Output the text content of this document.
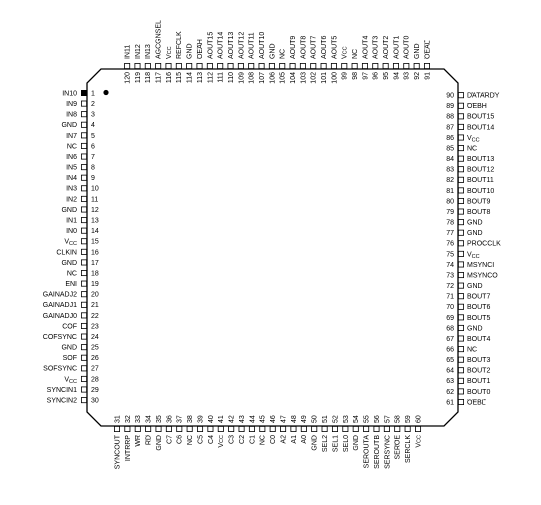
IN10 1
IN9 2
IN8 3
GND 4
IN7 5
NC 6
IN6 7
IN5 8
IN4 9
IN3 10
IN2 11
GND 12
IN1 13
IN0 14
$V_{CC}$ 15
CLKIN 16
GND 17
NC 18
ENI 19
GAINADJ2 20
GAINADJ1 21
GAINADJ0 22
COF 23
COFSYNC 24
GND 25
SOF 26
SOFSYNC 27
$V_{CC}$ 28
SYNCIN1 29
SYNCIN2 30	61 OEBL
62 BOUT0
63 BOUT1
64 BOUT2
65 BOUT3
66 NC
67 BOUT4
68 GND
69 BOUT5
70 BOUT6
71 BOUT7
72 GND
73 MSYNCO
74 MSYNCI
75 $V_{CC}$
76 PROCCLK
77 GND
78 GND
79 BOUT8
80 BOUT9
81 BOUT10
82 BOUT11
83 BOUT12
84 BOUT13
85 NC
86 $V_{CC}$
87 BOUT14
88 BOUT15
89 OEBH
90 DATARDY
31
SYNCOUT
32
INTRRP
33
WR
34
RD
35
GND
36
C7
37
C6
38
NC
39
C5
40
C4
41
VCC
42
C3
43
C2
44
C1
45
NC
46
C0
47
A2
48
A1
49
A0
50
GND
51
SEL2
52
SEL1
53
SEL0
54
GND
55
SEROUTA
56
SEROUTB
57
SERSYNC
58
SEROE
59
SERCLK
60
VCC
91
OEAL
92
GND
93
AOUT0
94
AOUT1
95
AOUT2
96
AOUT3
97
AOUT4
98
NC
99
VCC
100
AOUT5
101
AOUT6
102
AOUT7
103
AOUT8
104
AOUT9
105
NC
106
GND
107
AOUT10
108
AOUT11
109
AOUT12
110
AOUT13
111
AOUT14
112
AOUT15
113
OEAH
114
GND
115
REFCLK
116
VCC
117
AGCGNSEL
118
IN13
119
IN12
120
IN11
